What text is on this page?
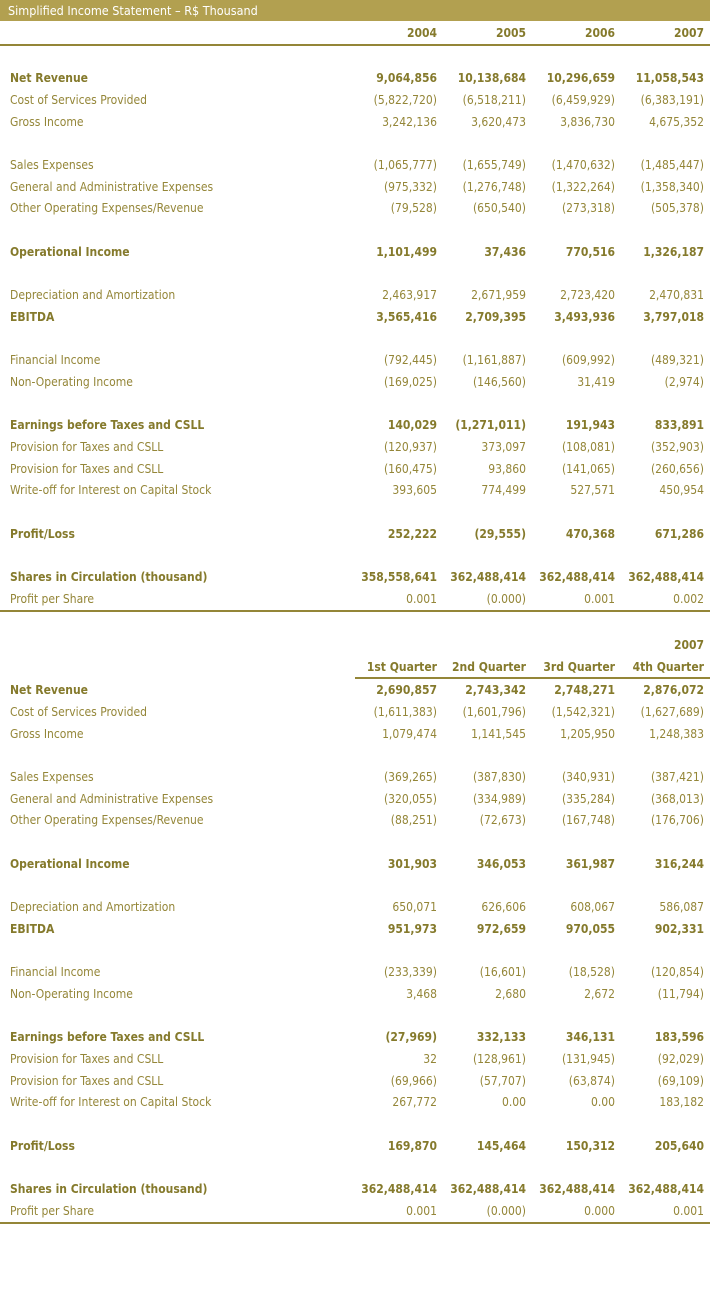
Simplified Income Statement – R$ Thousand
	2004	2005	2006	2007

Net Revenue	9,064,856	10,138,684	10,296,659	11,058,543
Cost of Services Provided	(5,822,720)	(6,518,211)	(6,459,929)	(6,383,191)
Gross Income	3,242,136	3,620,473	3,836,730	4,675,352

Sales Expenses	(1,065,777)	(1,655,749)	(1,470,632)	(1,485,447)
General and Administrative Expenses	(975,332)	(1,276,748)	(1,322,264)	(1,358,340)
Other Operating Expenses/Revenue	(79,528)	(650,540)	(273,318)	(505,378)

Operational Income	1,101,499	37,436	770,516	1,326,187

Depreciation and Amortization	2,463,917	2,671,959	2,723,420	2,470,831
EBITDA	3,565,416	2,709,395	3,493,936	3,797,018

Financial Income	(792,445)	(1,161,887)	(609,992)	(489,321)
Non-Operating Income	(169,025)	(146,560)	31,419	(2,974)

Earnings before Taxes and CSLL	140,029	(1,271,011)	191,943	833,891
Provision for Taxes and CSLL	(120,937)	373,097	(108,081)	(352,903)
Provision for Taxes and CSLL	(160,475)	93,860	(141,065)	(260,656)
Write-off for Interest on Capital Stock	393,605	774,499	527,571	450,954

Profit/Loss	252,222	(29,555)	470,368	671,286

Shares in Circulation (thousand)	358,558,641	362,488,414	362,488,414	362,488,414
Profit per Share	0.001	(0.000)	0.001	0.002
				2007
	1st Quarter	2nd Quarter	3rd Quarter	4th Quarter
Net Revenue	2,690,857	2,743,342	2,748,271	2,876,072
Cost of Services Provided	(1,611,383)	(1,601,796)	(1,542,321)	(1,627,689)
Gross Income	1,079,474	1,141,545	1,205,950	1,248,383

Sales Expenses	(369,265)	(387,830)	(340,931)	(387,421)
General and Administrative Expenses	(320,055)	(334,989)	(335,284)	(368,013)
Other Operating Expenses/Revenue	(88,251)	(72,673)	(167,748)	(176,706)

Operational Income	301,903	346,053	361,987	316,244

Depreciation and Amortization	650,071	626,606	608,067	586,087
EBITDA	951,973	972,659	970,055	902,331

Financial Income	(233,339)	(16,601)	(18,528)	(120,854)
Non-Operating Income	3,468	2,680	2,672	(11,794)

Earnings before Taxes and CSLL	(27,969)	332,133	346,131	183,596
Provision for Taxes and CSLL	32	(128,961)	(131,945)	(92,029)
Provision for Taxes and CSLL	(69,966)	(57,707)	(63,874)	(69,109)
Write-off for Interest on Capital Stock	267,772	0.00	0.00	183,182

Profit/Loss	169,870	145,464	150,312	205,640

Shares in Circulation (thousand)	362,488,414	362,488,414	362,488,414	362,488,414
Profit per Share	0.001	(0.000)	0.000	0.001
